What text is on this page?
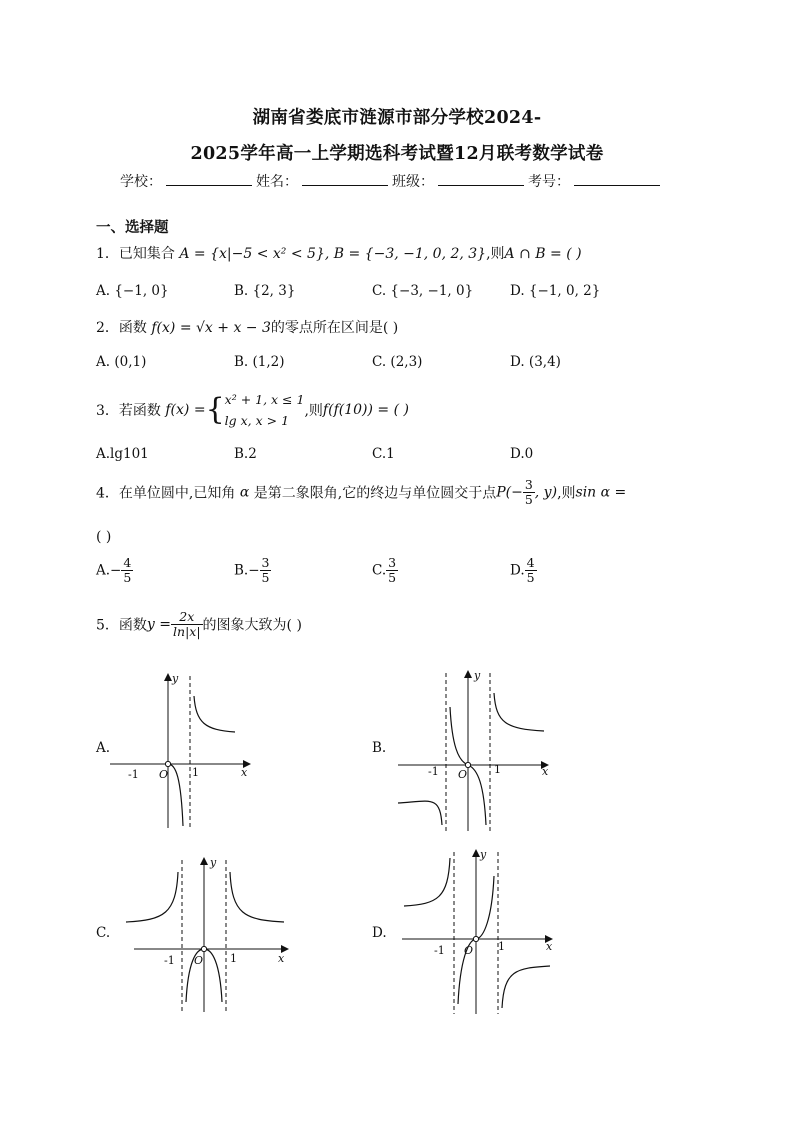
湖南省娄底市涟源市部分学校2024-
2025学年高一上学期选科考试暨12月联考数学试卷
学校：	姓名：	班级：	考号：
一、选择题
1．已知集合 A = {x|−5 < x² < 5}, B = {−3, −1, 0, 2, 3},则A ∩ B = ( )
A. {−1, 0}	B. {2, 3}	C. {−3, −1, 0}	D. {−1, 0, 2}
2．函数 f(x) = √x + x − 3的零点所在区间是( )
A. (0,1)	B. (1,2)	C. (2,3)	D. (3,4)
3．若函数 f(x) ={ x² + 1, x ≤ 1
lg x, x > 1
,则f(f(10)) = ( )
A.lg101	B.2	C.1	D.0
4．在单位圆中,已知角 α 是第二象限角,它的终边与单位圆交于点$P(- \frac{3}{5}$ , y),则sin α =
( )
$A.- \frac{4}{5}$	$B.- \frac{3}{5}$	C. $\frac{3}{5}$	D. $\frac{4}{5}$
5．函数$y = \frac{2x}{\ln|x|}$ 的图象大致为( )
A.	B.
C.	D.
y
x
O
-1	1
y
x
O
-1	1
y
x
O
-1	1
y
x
O
-1	1
